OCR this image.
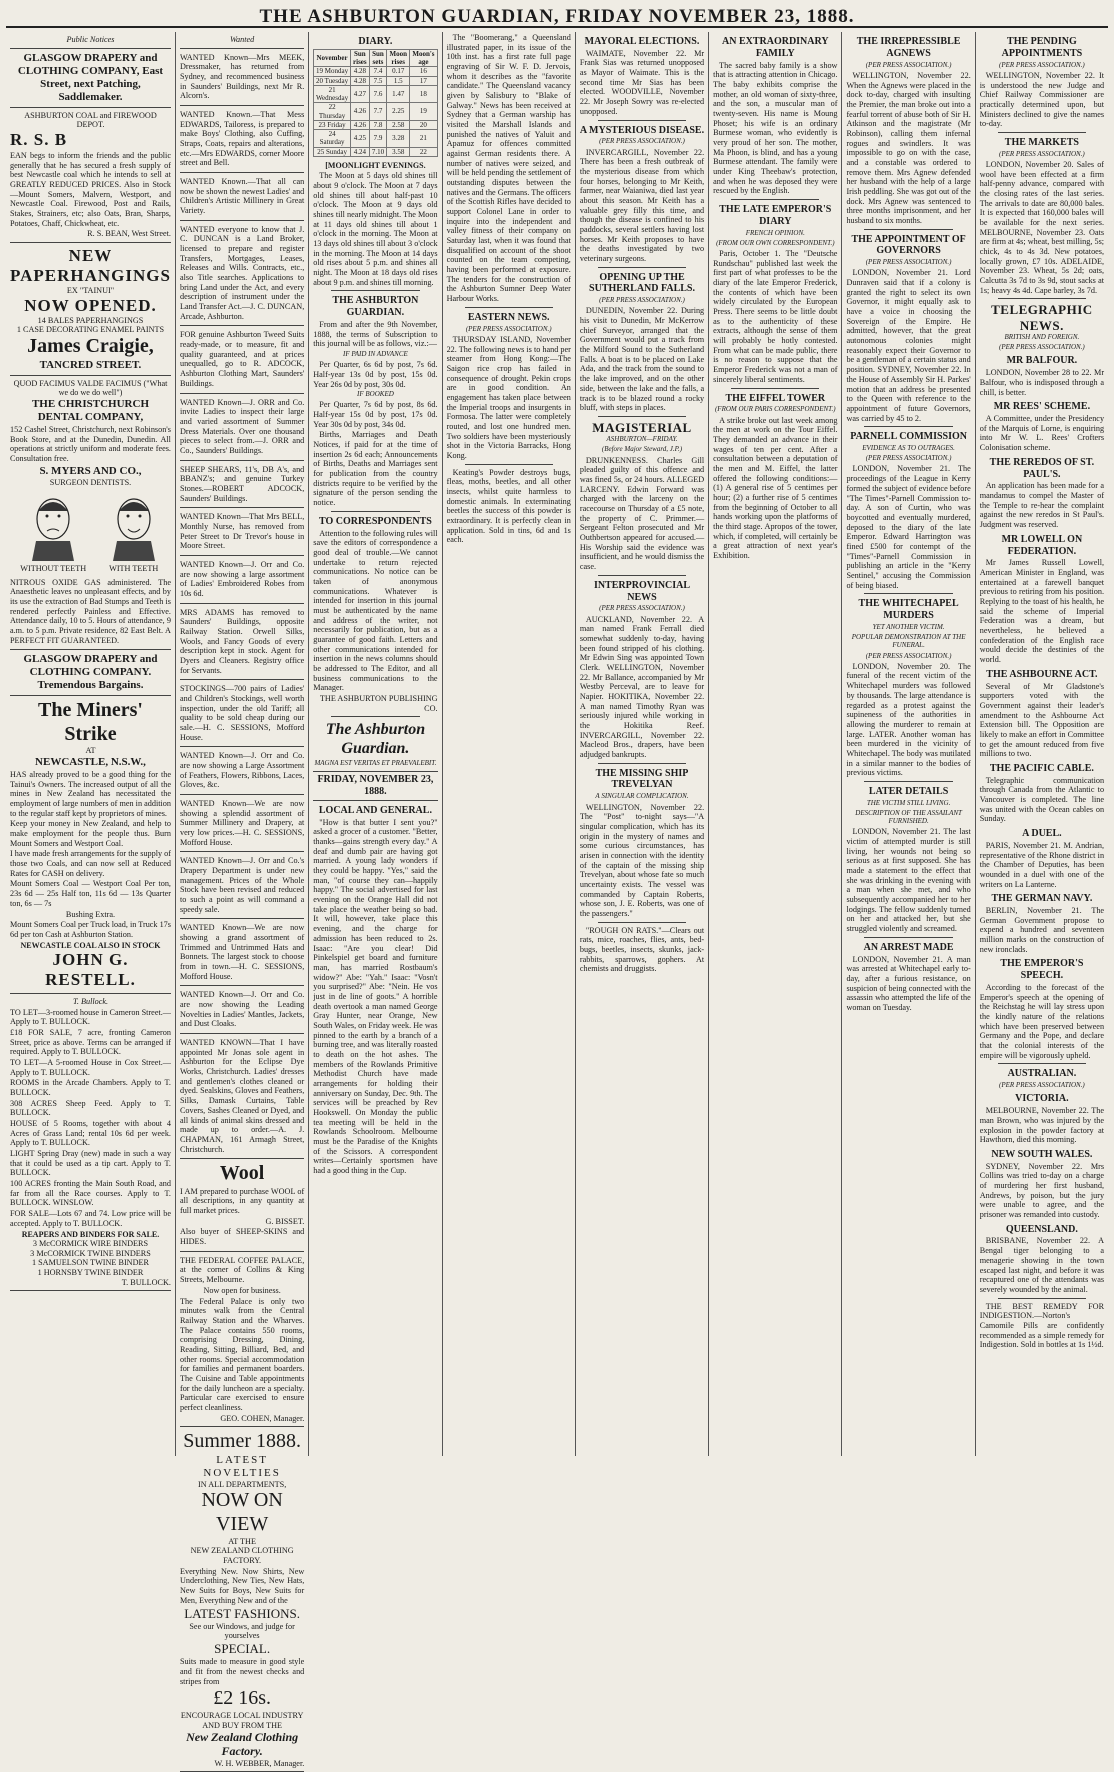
THE ASHBURTON GUARDIAN, FRIDAY NOVEMBER 23, 1888.
Public Notices
GLASGOW DRAPERY and CLOTHING COMPANY, East Street, next Patching, Saddlemaker.
ASHBURTON COAL and FIREWOOD DEPOT.
R. S. B

EAN begs to inform the friends and the public generally that he has secured a fresh supply of best Newcastle coal which he intends to sell at GREATLY REDUCED PRICES. Also in Stock—Mount Somers, Malvern, Westport, and Newcastle Coal. Firewood, Post and Rails, Stakes, Strainers, etc; also Oats, Bran, Sharps, Potatoes, Chaff, Chickwheat, etc.

R. S. BEAN, West Street.
NEW PAPERHANGINGS
EX "TAINUI"
NOW OPENED.
14 BALES PAPERHANGINGS
1 CASE DECORATING ENAMEL PAINTS
James Craigie,
TANCRED STREET.
QUOD FACIMUS VALDE FACIMUS ("What we do we do well")
THE CHRISTCHURCH DENTAL COMPANY,

152 Cashel Street, Christchurch, next Robinson's Book Store, and at the Dunedin, Dunedin. All operations at strictly uniform and moderate fees. Consultation free.

S. MYERS AND CO.,
SURGEON DENTISTS.
WITHOUT TEETH	WITH TEETH

NITROUS OXIDE GAS administered. The Anaesthetic leaves no unpleasant effects, and by its use the extraction of Bad Stumps and Teeth is rendered perfectly Painless and Effective. Attendance daily, 10 to 5. Hours of attendance, 9 a.m. to 5 p.m. Private residence, 82 East Belt. A PERFECT FIT GUARANTEED.

GLASGOW DRAPERY and CLOTHING COMPANY. Tremendous Bargains.
The Miners' Strike
AT
NEWCASTLE, N.S.W.,

HAS already proved to be a good thing for the Tainui's Owners. The increased output of all the mines in New Zealand has necessitated the employment of large numbers of men in addition to the regular staff kept by proprietors of mines.

Keep your money in New Zealand, and help to make employment for the people thus. Burn Mount Somers and Westport Coal.

I have made fresh arrangements for the supply of those two Coals, and can now sell at Reduced Rates for CASH on delivery.

Mount Somers Coal — Westport Coal Per ton, 23s 6d — 25s Half ton, 11s 6d — 13s Quarter ton, 6s — 7s

Bushing Extra.

Mount Somers Coal per Truck load, in Truck 17s 6d per ton Cash at Ashburton Station.

NEWCASTLE COAL ALSO IN STOCK
JOHN G. RESTELL.
T. Bullock.

TO LET—3-roomed house in Cameron Street.—Apply to T. BULLOCK.

£18 FOR SALE, 7 acre, fronting Cameron Street, price as above. Terms can be arranged if required. Apply to T. BULLOCK.

TO LET—A 5-roomed House in Cox Street.—Apply to T. BULLOCK.

ROOMS in the Arcade Chambers. Apply to T. BULLOCK.

308 ACRES Sheep Feed. Apply to T. BULLOCK.

HOUSE of 5 Rooms, together with about 4 Acres of Grass Land; rental 10s 6d per week. Apply to T. BULLOCK.

LIGHT Spring Dray (new) made in such a way that it could be used as a tip cart. Apply to T. BULLOCK.

100 ACRES fronting the Main South Road, and far from all the Race courses. Apply to T. BULLOCK. WINSLOW.

FOR SALE—Lots 67 and 74. Low price will be accepted. Apply to T. BULLOCK.

REAPERS AND BINDERS FOR SALE.
3 McCORMICK WIRE BINDERS
3 McCORMICK TWINE BINDERS
1 SAMUELSON TWINE BINDER
1 HORNSBY TWINE BINDER
T. BULLOCK.
Wanted

WANTED Known—Mrs MEEK, Dressmaker, has returned from Sydney, and recommenced business in Saunders' Buildings, next Mr R. Alcorn's.

WANTED Known.—That Mess EDWARDS, Tailoress, is prepared to make Boys' Clothing, also Cuffing, Straps, Coats, repairs and alterations, etc.—Mrs EDWARDS, corner Moore street and Bell.

WANTED Known.—That all can now be shown the newest Ladies' and Children's Artistic Millinery in Great Variety.

WANTED everyone to know that J. C. DUNCAN is a Land Broker, licensed to prepare and register Transfers, Mortgages, Leases, Releases and Wills. Contracts, etc., also Title searches. Applications to bring Land under the Act, and every description of instrument under the Land Transfer Act.—J. C. DUNCAN, Arcade, Ashburton.

FOR genuine Ashburton Tweed Suits ready-made, or to measure, fit and quality guaranteed, and at prices unequalled, go to R. ADCOCK, Ashburton Clothing Mart, Saunders' Buildings.

WANTED Known—J. ORR and Co. invite Ladies to inspect their large and varied assortment of Summer Dress Materials. Over one thousand pieces to select from.—J. ORR and Co., Saunders' Buildings.

SHEEP SHEARS, 11's, DB A's, and BBANZ's; and genuine Turkey Stones.—ROBERT ADCOCK, Saunders' Buildings.

WANTED Known—That Mrs BELL, Monthly Nurse, has removed from Peter Street to Dr Trevor's house in Moore Street.

WANTED Known—J. Orr and Co. are now showing a large assortment of Ladies' Embroidered Robes from 10s 6d.

MRS ADAMS has removed to Saunders' Buildings, opposite Railway Station. Orwell Silks, Wools, and Fancy Goods of every description kept in stock. Agent for Dyers and Cleaners. Registry office for Servants.

STOCKINGS—700 pairs of Ladies' and Children's Stockings, well worth inspection, under the old Tariff; all quality to be sold cheap during our sale.—H. C. SESSIONS, Mofford House.

WANTED Known—J. Orr and Co. are now showing a Large Assortment of Feathers, Flowers, Ribbons, Laces, Gloves, &c.

WANTED Known—We are now showing a splendid assortment of Summer Millinery and Drapery, at very low prices.—H. C. SESSIONS, Mofford House.

WANTED Known—J. Orr and Co.'s Drapery Department is under new management. Prices of the Whole Stock have been revised and reduced to such a point as will command a speedy sale.

WANTED Known—We are now showing a grand assortment of Trimmed and Untrimmed Hats and Bonnets. The largest stock to choose from in town.—H. C. SESSIONS, Mofford House.

WANTED Known—J. Orr and Co. are now showing the Leading Novelties in Ladies' Mantles, Jackets, and Dust Cloaks.

WANTED KNOWN—That I have appointed Mr Jonas sole agent in Ashburton for the Eclipse Dye Works, Christchurch. Ladies' dresses and gentlemen's clothes cleaned or dyed. Sealskins, Gloves and Feathers, Silks, Damask Curtains, Table Covers, Sashes Cleaned or Dyed, and all kinds of animal skins dressed and made up to order.—A. J. CHAPMAN, 161 Armagh Street, Christchurch.

Wool

I AM prepared to purchase WOOL of all descriptions, in any quantity at full market prices.

G. BISSET.

Also buyer of SHEEP-SKINS and HIDES.

THE FEDERAL COFFEE PALACE, at the corner of Collins & King Streets, Melbourne.

Now open for business.

The Federal Palace is only two minutes walk from the Central Railway Station and the Wharves. The Palace contains 550 rooms, comprising Dressing, Dining, Reading, Sitting, Billiard, Bed, and other rooms. Special accommodation for families and permanent boarders. The Cuisine and Table appointments for the daily luncheon are a specialty. Particular care exercised to ensure perfect cleanliness.

GEO. COHEN, Manager.
Summer 1888.
LATEST NOVELTIES
IN ALL DEPARTMENTS,
NOW ON VIEW
AT THE
NEW ZEALAND CLOTHING FACTORY.

Everything New. Now Shirts, New Underclothing, New Ties, New Hats, New Suits for Boys, New Suits for Men, Everything New and of the

LATEST FASHIONS.
See our Windows, and judge for yourselves
SPECIAL.

Suits made to measure in good style and fit from the newest checks and stripes from

£2 16s.
ENCOURAGE LOCAL INDUSTRY
AND BUY FROM THE
New Zealand Clothing Factory.
W. H. WEBBER, Manager.
DIARY.
November	Sun rises	Sun sets	Moon rises	Moon's age
19 Monday	4.28	7.4	0.17	16
20 Tuesday	4.28	7.5	1.5	17
21 Wednesday	4.27	7.6	1.47	18
22 Thursday	4.26	7.7	2.25	19
23 Friday	4.26	7.8	2.58	20
24 Saturday	4.25	7.9	3.28	21
25 Sunday	4.24	7.10	3.58	22
[MOONLIGHT EVENINGS.

The Moon at 5 days old shines till about 9 o'clock. The Moon at 7 days old shines till about half-past 10 o'clock. The Moon at 9 days old shines till nearly midnight. The Moon at 11 days old shines till about 1 o'clock in the morning. The Moon at 13 days old shines till about 3 o'clock in the morning. The Moon at 14 days old rises about 5 p.m. and shines all night. The Moon at 18 days old rises about 9 p.m. and shines till morning.

THE ASHBURTON GUARDIAN.

From and after the 9th November, 1888, the terms of Subscription to this journal will be as follows, viz.:—

IF PAID IN ADVANCE

Per Quarter, 6s 6d by post, 7s 6d. Half-year 13s 0d by post, 15s 0d. Year 26s 0d by post, 30s 0d.

IF BOOKED

Per Quarter, 7s 6d by post, 8s 6d. Half-year 15s 0d by post, 17s 0d. Year 30s 0d by post, 34s 0d.

Births, Marriages and Death Notices, if paid for at the time of insertion 2s 6d each; Announcements of Births, Deaths and Marriages sent for publication from the country districts require to be verified by the signature of the person sending the notice.

TO CORRESPONDENTS

Attention to the following rules will save the editors of correspondence a good deal of trouble.—We cannot undertake to return rejected communications. No notice can be taken of anonymous communications. Whatever is intended for insertion in this journal must be authenticated by the name and address of the writer, not necessarily for publication, but as a guarantee of good faith. Letters and other communications intended for insertion in the news columns should be addressed to The Editor, and all business communications to the Manager.

THE ASHBURTON PUBLISHING CO.
The Ashburton Guardian.
MAGNA EST VERITAS ET PRAEVALEBIT.
FRIDAY, NOVEMBER 23, 1888.
LOCAL AND GENERAL.

"How is that butter I sent you?" asked a grocer of a customer. "Better, thanks—gains strength every day." A deaf and dumb pair are having got married. A young lady wonders if they could be happy. "Yes," said the man, "of course they can—happily happy." The social advertised for last evening on the Orange Hall did not take place the weather being so bad. It will, however, take place this evening, and the charge for admission has been reduced to 2s. Isaac: "Are you clear! Did Pinkelspiel get board and furniture man, has married Rostbaum's widow?" Abe: "Yah." Isaac: "Vosn't you surprised?" Abe: "Nein. He vos just in de line of goots." A horrible death overtook a man named George Gray Hunter, near Orange, New South Wales, on Friday week. He was pinned to the earth by a branch of a burning tree, and was literally roasted to death on the hot ashes. The members of the Rowlands Primitive Methodist Church have made arrangements for holding their anniversary on Sunday, Dec. 9th. The services will be preached by Rev Hookswell. On Monday the public tea meeting will be held in the Rowlands Schoolroom. Melbourne must be the Paradise of the Knights of the Scissors. A correspondent writes—Certainly sportsmen have had a good thing in the Cup.

The "Boomerang," a Queensland illustrated paper, in its issue of the 10th inst. has a first rate full page engraving of Sir W. F. D. Jervois, whom it describes as the "favorite candidate." The Queensland vacancy given by Salisbury to "Blake of Galway." News has been received at Sydney that a German warship has visited the Marshall Islands and punished the natives of Yaluit and Apamuz for offences committed against German residents there. A number of natives were seized, and will be held pending the settlement of outstanding disputes between the natives and the Germans. The officers of the Scottish Rifles have decided to support Colonel Lane in order to inquire into the independent and valley fitness of their company on Saturday last, when it was found that disqualified on account of the shoot counted on the team competing, having been performed at exposure. The tenders for the construction of the Ashburton Sumner Deep Water Harbour Works.

EASTERN NEWS.
(PER PRESS ASSOCIATION.)

THURSDAY ISLAND, November 22. The following news is to hand per steamer from Hong Kong:—The Saigon rice crop has failed in consequence of drought. Pekin crops are in good condition. An engagement has taken place between the Imperial troops and insurgents in Formosa. The latter were completely routed, and lost one hundred men. Two soldiers have been mysteriously shot in the Victoria Barracks, Hong Kong.

Keating's Powder destroys bugs, fleas, moths, beetles, and all other insects, whilst quite harmless to domestic animals. In exterminating beetles the success of this powder is extraordinary. It is perfectly clean in application. Sold in tins, 6d and 1s each.

MAYORAL ELECTIONS.

WAIMATE, November 22. Mr Frank Sias was returned unopposed as Mayor of Waimate. This is the second time Mr Sias has been elected. WOODVILLE, November 22. Mr Joseph Sowry was re-elected unopposed.

A MYSTERIOUS DISEASE.
(PER PRESS ASSOCIATION.)

INVERCARGILL, November 22. There has been a fresh outbreak of the mysterious disease from which four horses, belonging to Mr Keith, farmer, near Waianiwa, died last year about this season. Mr Keith has a valuable grey filly this time, and though the disease is confined to his paddocks, several settlers having lost horses. Mr Keith proposes to have the deaths investigated by two veterinary surgeons.

OPENING UP THE SUTHERLAND FALLS.
(PER PRESS ASSOCIATION.)

DUNEDIN, November 22. During his visit to Dunedin, Mr McKerrow chief Surveyor, arranged that the Government would put a track from the Milford Sound to the Sutherland Falls. A boat is to be placed on Lake Ada, and the track from the sound to the lake improved, and on the other side, between the lake and the falls, a track is to be blazed round a rocky bluff, with steps in places.

MAGISTERIAL
ASHBURTON—FRIDAY.
(Before Major Steward, J.P.)

DRUNKENNESS. Charles Gill pleaded guilty of this offence and was fined 5s, or 24 hours. ALLEGED LARCENY. Edwin Forward was charged with the larceny on the racecourse on Thursday of a £5 note, the property of C. Primmer.—Sergeant Felton prosecuted and Mr Outhbertson appeared for accused.—His Worship said the evidence was insufficient, and he would dismiss the case.

INTERPROVINCIAL NEWS
(PER PRESS ASSOCIATION.)

AUCKLAND, November 22. A man named Frank Ferrall died somewhat suddenly to-day, having been found stripped of his clothing. Mr Edwin Sing was appointed Town Clerk. WELLINGTON, November 22. Mr Ballance, accompanied by Mr Westby Perceval, are to leave for Napier. HOKITIKA, November 22. A man named Timothy Ryan was seriously injured while working in the Hokitika Reef. INVERCARGILL, November 22. Macleod Bros., drapers, have been adjudged bankrupts.

THE MISSING SHIP TREVELYAN
A SINGULAR COMPLICATION.

WELLINGTON, November 22. The "Post" to-night says—"A singular complication, which has its origin in the mystery of names and some curious circumstances, has arisen in connection with the identity of the captain of the missing ship Trevelyan, about whose fate so much uncertainty exists. The vessel was commanded by Captain Roberts, whose son, J. E. Roberts, was one of the passengers."

"ROUGH ON RATS."—Clears out rats, mice, roaches, flies, ants, bed-bugs, beetles, insects, skunks, jack-rabbits, sparrows, gophers. At chemists and druggists.

AN EXTRAORDINARY FAMILY

The sacred baby family is a show that is attracting attention in Chicago. The baby exhibits comprise the mother, an old woman of sixty-three, and the son, a muscular man of twenty-seven. His name is Moung Phoset; his wife is an ordinary Burmese woman, who evidently is very proud of her son. The mother, Ma Phoon, is blind, and has a young Burmese attendant. The family were under King Theebaw's protection, and when he was deposed they were rescued by the English.

THE LATE EMPEROR'S DIARY
FRENCH OPINION.
(FROM OUR OWN CORRESPONDENT.)

Paris, October 1. The "Deutsche Rundschau" published last week the first part of what professes to be the diary of the late Emperor Frederick, the contents of which have been widely circulated by the European Press. There seems to be little doubt as to the authenticity of these extracts, although the sense of them will probably be hotly contested. From what can be made public, there is no reason to suppose that the Emperor Frederick was not a man of sincerely liberal sentiments.

THE EIFFEL TOWER
(FROM OUR PARIS CORRESPONDENT.)

A strike broke out last week among the men at work on the Tour Eiffel. They demanded an advance in their wages of ten per cent. After a consultation between a deputation of the men and M. Eiffel, the latter offered the following conditions:—(1) A general rise of 5 centimes per hour; (2) a further rise of 5 centimes from the beginning of October to all hands working upon the platforms of the third stage. Apropos of the tower, which, if completed, will certainly be a great attraction of next year's Exhibition.

THE IRREPRESSIBLE AGNEWS
(PER PRESS ASSOCIATION.)

WELLINGTON, November 22. When the Agnews were placed in the dock to-day, charged with insulting the Premier, the man broke out into a fearful torrent of abuse both of Sir H. Atkinson and the magistrate (Mr Robinson), calling them infernal rogues and swindlers. It was impossible to go on with the case, and a constable was ordered to remove them. Mrs Agnew defended her husband with the help of a large Irish peddling. She was got out of the dock. Mrs Agnew was sentenced to three months imprisonment, and her husband to six months.

THE APPOINTMENT OF GOVERNORS
(PER PRESS ASSOCIATION.)

LONDON, November 21. Lord Dunraven said that if a colony is granted the right to select its own Governor, it might equally ask to have a voice in choosing the Sovereign of the Empire. He admitted, however, that the great autonomous colonies might reasonably expect their Governor to be a gentleman of a certain status and position. SYDNEY, November 22. In the House of Assembly Sir H. Parkes' motion that an address be presented to the Queen with reference to the appointment of future Governors, was carried by 45 to 2.

PARNELL COMMISSION
EVIDENCE AS TO OUTRAGES.
(PER PRESS ASSOCIATION.)

LONDON, November 21. The proceedings of the League in Kerry formed the subject of evidence before "The Times"-Parnell Commission to-day. A son of Curtin, who was boycotted and eventually murdered, deposed to the diary of the late Emperor. Edward Harrington was fined £500 for contempt of the "Times"-Parnell Commission in publishing an article in the "Kerry Sentinel," accusing the Commission of being biased.

THE WHITECHAPEL MURDERS
YET ANOTHER VICTIM.
POPULAR DEMONSTRATION AT THE FUNERAL.
(PER PRESS ASSOCIATION.)

LONDON, November 20. The funeral of the recent victim of the Whitechapel murders was followed by thousands. The large attendance is regarded as a protest against the supineness of the authorities in allowing the murderer to remain at large. LATER. Another woman has been murdered in the vicinity of Whitechapel. The body was mutilated in a similar manner to the bodies of previous victims.

LATER DETAILS
THE VICTIM STILL LIVING.
DESCRIPTION OF THE ASSAILANT FURNISHED.

LONDON, November 21. The last victim of attempted murder is still living, her wounds not being so serious as at first supposed. She has made a statement to the effect that she was drinking in the evening with a man when she met, and who subsequently accompanied her to her lodgings. The fellow suddenly turned on her and attacked her, but she struggled violently and screamed.

AN ARREST MADE

LONDON, November 21. A man was arrested at Whitechapel early to-day, after a furious resistance, on suspicion of being connected with the assassin who attempted the life of the woman on Tuesday.

THE PENDING APPOINTMENTS
(PER PRESS ASSOCIATION.)

WELLINGTON, November 22. It is understood the new Judge and Chief Railway Commissioner are practically determined upon, but Ministers declined to give the names to-day.

THE MARKETS
(PER PRESS ASSOCIATION.)

LONDON, November 20. Sales of wool have been effected at a firm half-penny advance, compared with the closing rates of the last series. The arrivals to date are 80,000 bales. It is expected that 160,000 bales will be available for the next series. MELBOURNE, November 23. Oats are firm at 4s; wheat, best milling, 5s; chick, 4s to 4s 3d. New potatoes, locally grown, £7 10s. ADELAIDE, November 23. Wheat, 5s 2d; oats, Calcutta 3s 7d to 3s 9d, stout sacks at 1s; heavy 4s 4d. Cape barley, 3s 7d.

TELEGRAPHIC NEWS.
BRITISH AND FOREIGN.
(PER PRESS ASSOCIATION.)
MR BALFOUR.

LONDON, November 28 to 22. Mr Balfour, who is indisposed through a chill, is better.

MR REES' SCHEME.

A Committee, under the Presidency of the Marquis of Lorne, is enquiring into Mr W. L. Rees' Crofters Colonisation scheme.

THE REREDOS OF ST. PAUL'S.

An application has been made for a mandamus to compel the Master of the Temple to re-hear the complaint against the new reredos in St Paul's. Judgment was reserved.

MR LOWELL ON FEDERATION.

Mr James Russell Lowell, American Minister in England, was entertained at a farewell banquet previous to retiring from his position. Replying to the toast of his health, he said the scheme of Imperial Federation was a dream, but nevertheless, he believed a confederation of the English race would decide the destinies of the world.

THE ASHBOURNE ACT.

Several of Mr Gladstone's supporters voted with the Government against their leader's amendment to the Ashbourne Act Extension bill. The Opposition are likely to make an effort in Committee to get the amount reduced from five millions to two.

THE PACIFIC CABLE.

Telegraphic communication through Canada from the Atlantic to Vancouver is completed. The line was united with the Ocean cables on Sunday.

A DUEL.

PARIS, November 21. M. Andrian, representative of the Rhone district in the Chamber of Deputies, has been wounded in a duel with one of the writers on La Lanterne.

THE GERMAN NAVY.

BERLIN, November 21. The German Government propose to expend a hundred and seventeen million marks on the construction of new ironclads.

THE EMPEROR'S SPEECH.

According to the forecast of the Emperor's speech at the opening of the Reichstag he will lay stress upon the kindly nature of the relations which have been preserved between Germany and the Pope, and declare that the colonial interests of the empire will be vigorously upheld.

AUSTRALIAN.
(PER PRESS ASSOCIATION.)
VICTORIA.

MELBOURNE, November 22. The man Brown, who was injured by the explosion in the powder factory at Hawthorn, died this morning.

NEW SOUTH WALES.

SYDNEY, November 22. Mrs Collins was tried to-day on a charge of murdering her first husband, Andrews, by poison, but the jury were unable to agree, and the prisoner was remanded into custody.

QUEENSLAND.

BRISBANE, November 22. A Bengal tiger belonging to a menagerie showing in the town escaped last night, and before it was recaptured one of the attendants was severely wounded by the animal.

THE BEST REMEDY FOR INDIGESTION.—Norton's Camomile Pills are confidently recommended as a simple remedy for Indigestion. Sold in bottles at 1s 1½d.
